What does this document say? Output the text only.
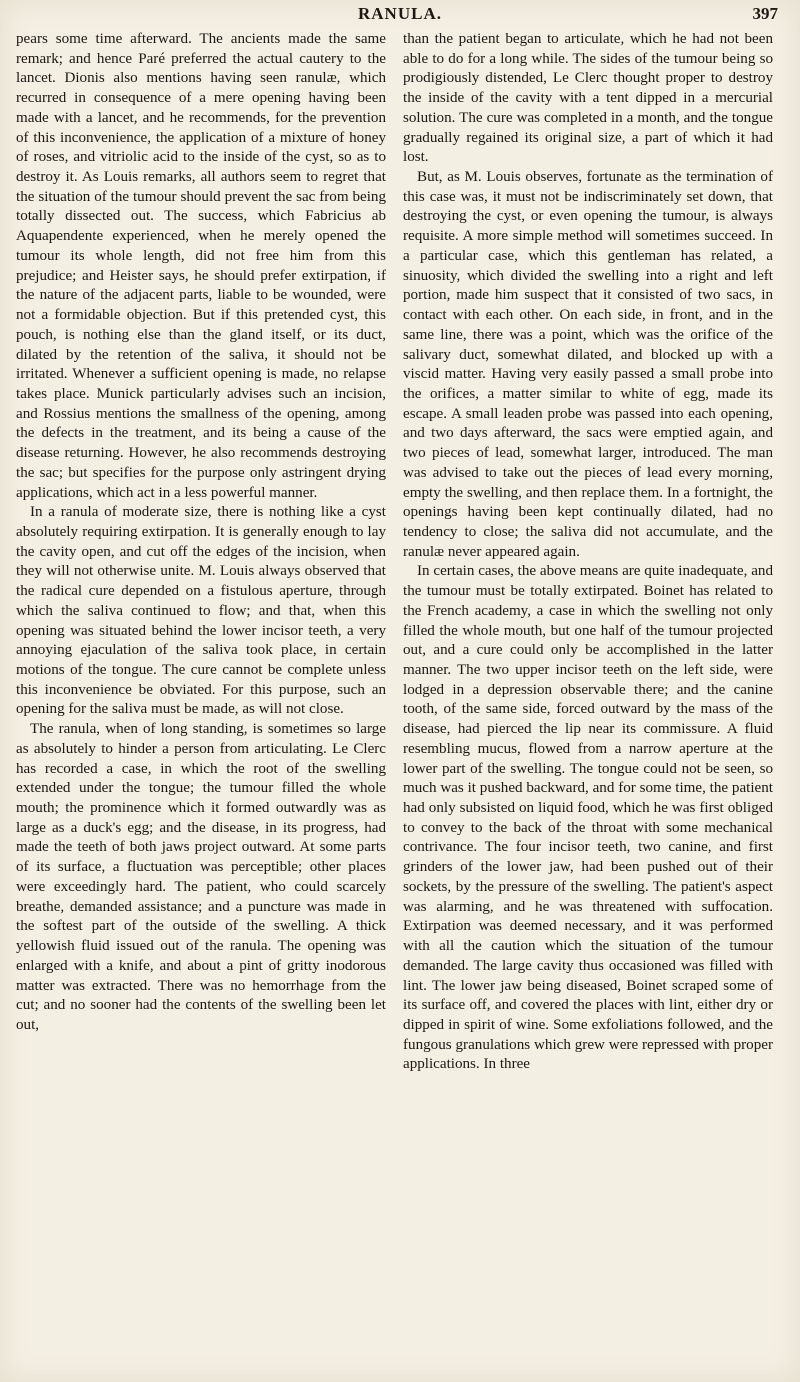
RANULA.	397

pears some time afterward. The ancients made the same remark; and hence Paré preferred the actual cautery to the lancet. Dionis also mentions having seen ranulæ, which recurred in consequence of a mere opening having been made with a lancet, and he recommends, for the prevention of this inconvenience, the application of a mixture of honey of roses, and vitriolic acid to the inside of the cyst, so as to destroy it. As Louis remarks, all authors seem to regret that the situation of the tumour should prevent the sac from being totally dissected out. The success, which Fabricius ab Aquapendente experienced, when he merely opened the tumour its whole length, did not free him from this prejudice; and Heister says, he should prefer extirpation, if the nature of the adjacent parts, liable to be wounded, were not a formidable objection. But if this pretended cyst, this pouch, is nothing else than the gland itself, or its duct, dilated by the retention of the saliva, it should not be irritated. Whenever a sufficient opening is made, no relapse takes place. Munick particularly advises such an incision, and Rossius mentions the smallness of the opening, among the defects in the treatment, and its being a cause of the disease returning. However, he also recommends destroying the sac; but specifies for the purpose only astringent drying applications, which act in a less powerful manner.

In a ranula of moderate size, there is nothing like a cyst absolutely requiring extirpation. It is generally enough to lay the cavity open, and cut off the edges of the incision, when they will not otherwise unite. M. Louis always observed that the radical cure depended on a fistulous aperture, through which the saliva continued to flow; and that, when this opening was situated behind the lower incisor teeth, a very annoying ejaculation of the saliva took place, in certain motions of the tongue. The cure cannot be complete unless this inconvenience be obviated. For this purpose, such an opening for the saliva must be made, as will not close.

The ranula, when of long standing, is sometimes so large as absolutely to hinder a person from articulating. Le Clerc has recorded a case, in which the root of the swelling extended under the tongue; the tumour filled the whole mouth; the prominence which it formed outwardly was as large as a duck's egg; and the disease, in its progress, had made the teeth of both jaws project outward. At some parts of its surface, a fluctuation was perceptible; other places were exceedingly hard. The patient, who could scarcely breathe, demanded assistance; and a puncture was made in the softest part of the outside of the swelling. A thick yellowish fluid issued out of the ranula. The opening was enlarged with a knife, and about a pint of gritty inodorous matter was extracted. There was no hemorrhage from the cut; and no sooner had the contents of the swelling been let out,

than the patient began to articulate, which he had not been able to do for a long while. The sides of the tumour being so prodigiously distended, Le Clerc thought proper to destroy the inside of the cavity with a tent dipped in a mercurial solution. The cure was completed in a month, and the tongue gradually regained its original size, a part of which it had lost.

But, as M. Louis observes, fortunate as the termination of this case was, it must not be indiscriminately set down, that destroying the cyst, or even opening the tumour, is always requisite. A more simple method will sometimes succeed. In a particular case, which this gentleman has related, a sinuosity, which divided the swelling into a right and left portion, made him suspect that it consisted of two sacs, in contact with each other. On each side, in front, and in the same line, there was a point, which was the orifice of the salivary duct, somewhat dilated, and blocked up with a viscid matter. Having very easily passed a small probe into the orifices, a matter similar to white of egg, made its escape. A small leaden probe was passed into each opening, and two days afterward, the sacs were emptied again, and two pieces of lead, somewhat larger, introduced. The man was advised to take out the pieces of lead every morning, empty the swelling, and then replace them. In a fortnight, the openings having been kept continually dilated, had no tendency to close; the saliva did not accumulate, and the ranulæ never appeared again.

In certain cases, the above means are quite inadequate, and the tumour must be totally extirpated. Boinet has related to the French academy, a case in which the swelling not only filled the whole mouth, but one half of the tumour projected out, and a cure could only be accomplished in the latter manner. The two upper incisor teeth on the left side, were lodged in a depression observable there; and the canine tooth, of the same side, forced outward by the mass of the disease, had pierced the lip near its commissure. A fluid resembling mucus, flowed from a narrow aperture at the lower part of the swelling. The tongue could not be seen, so much was it pushed backward, and for some time, the patient had only subsisted on liquid food, which he was first obliged to convey to the back of the throat with some mechanical contrivance. The four incisor teeth, two canine, and first grinders of the lower jaw, had been pushed out of their sockets, by the pressure of the swelling. The patient's aspect was alarming, and he was threatened with suffocation. Extirpation was deemed necessary, and it was performed with all the caution which the situation of the tumour demanded. The large cavity thus occasioned was filled with lint. The lower jaw being diseased, Boinet scraped some of its surface off, and covered the places with lint, either dry or dipped in spirit of wine. Some exfoliations followed, and the fungous granulations which grew were repressed with proper applications. In three
